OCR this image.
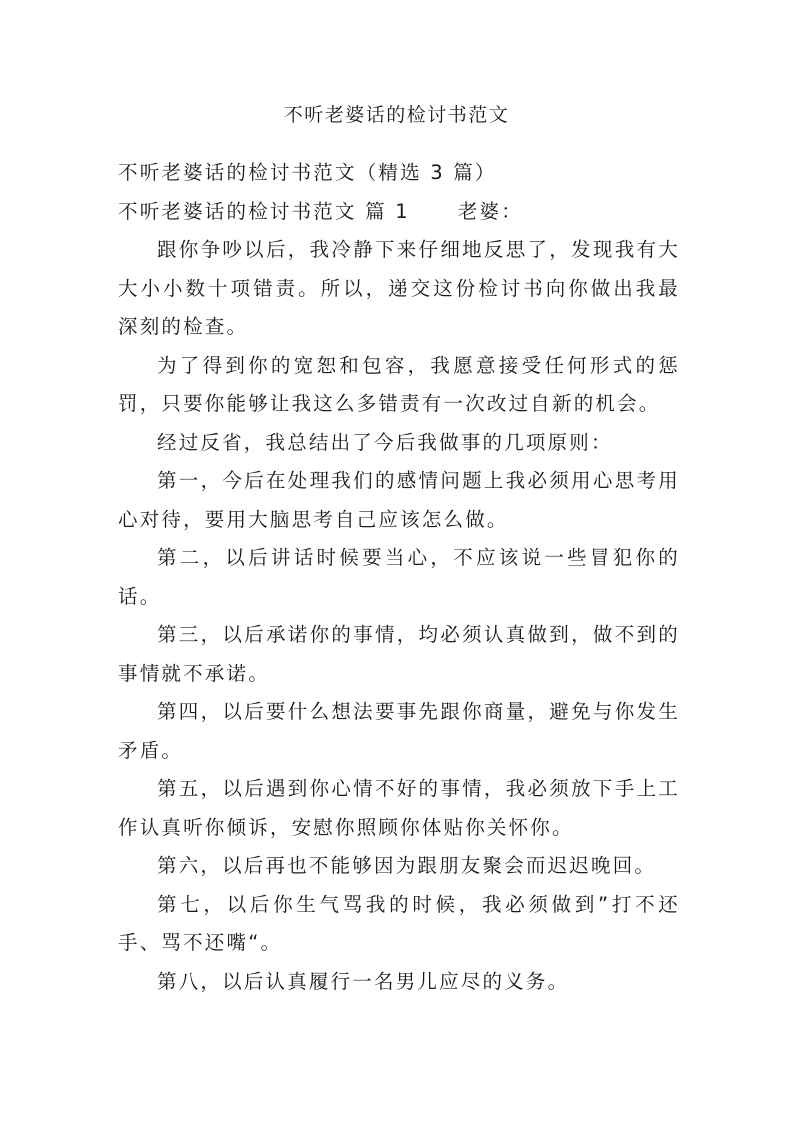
不听老婆话的检讨书范文

不听老婆话的检讨书范文（精选 3 篇）

不听老婆话的检讨书范文 篇 1 老婆：

跟你争吵以后，我冷静下来仔细地反思了，发现我有大大小小数十项错责。所以，递交这份检讨书向你做出我最深刻的检查。

为了得到你的宽恕和包容，我愿意接受任何形式的惩罚，只要你能够让我这么多错责有一次改过自新的机会。

经过反省，我总结出了今后我做事的几项原则：

第一，今后在处理我们的感情问题上我必须用心思考用心对待，要用大脑思考自己应该怎么做。

第二，以后讲话时候要当心，不应该说一些冒犯你的话。

第三，以后承诺你的事情，均必须认真做到，做不到的事情就不承诺。

第四，以后要什么想法要事先跟你商量，避免与你发生矛盾。

第五，以后遇到你心情不好的事情，我必须放下手上工作认真听你倾诉，安慰你照顾你体贴你关怀你。

第六，以后再也不能够因为跟朋友聚会而迟迟晚回。

第七，以后你生气骂我的时候，我必须做到”打不还手、骂不还嘴“。

第八，以后认真履行一名男儿应尽的义务。
